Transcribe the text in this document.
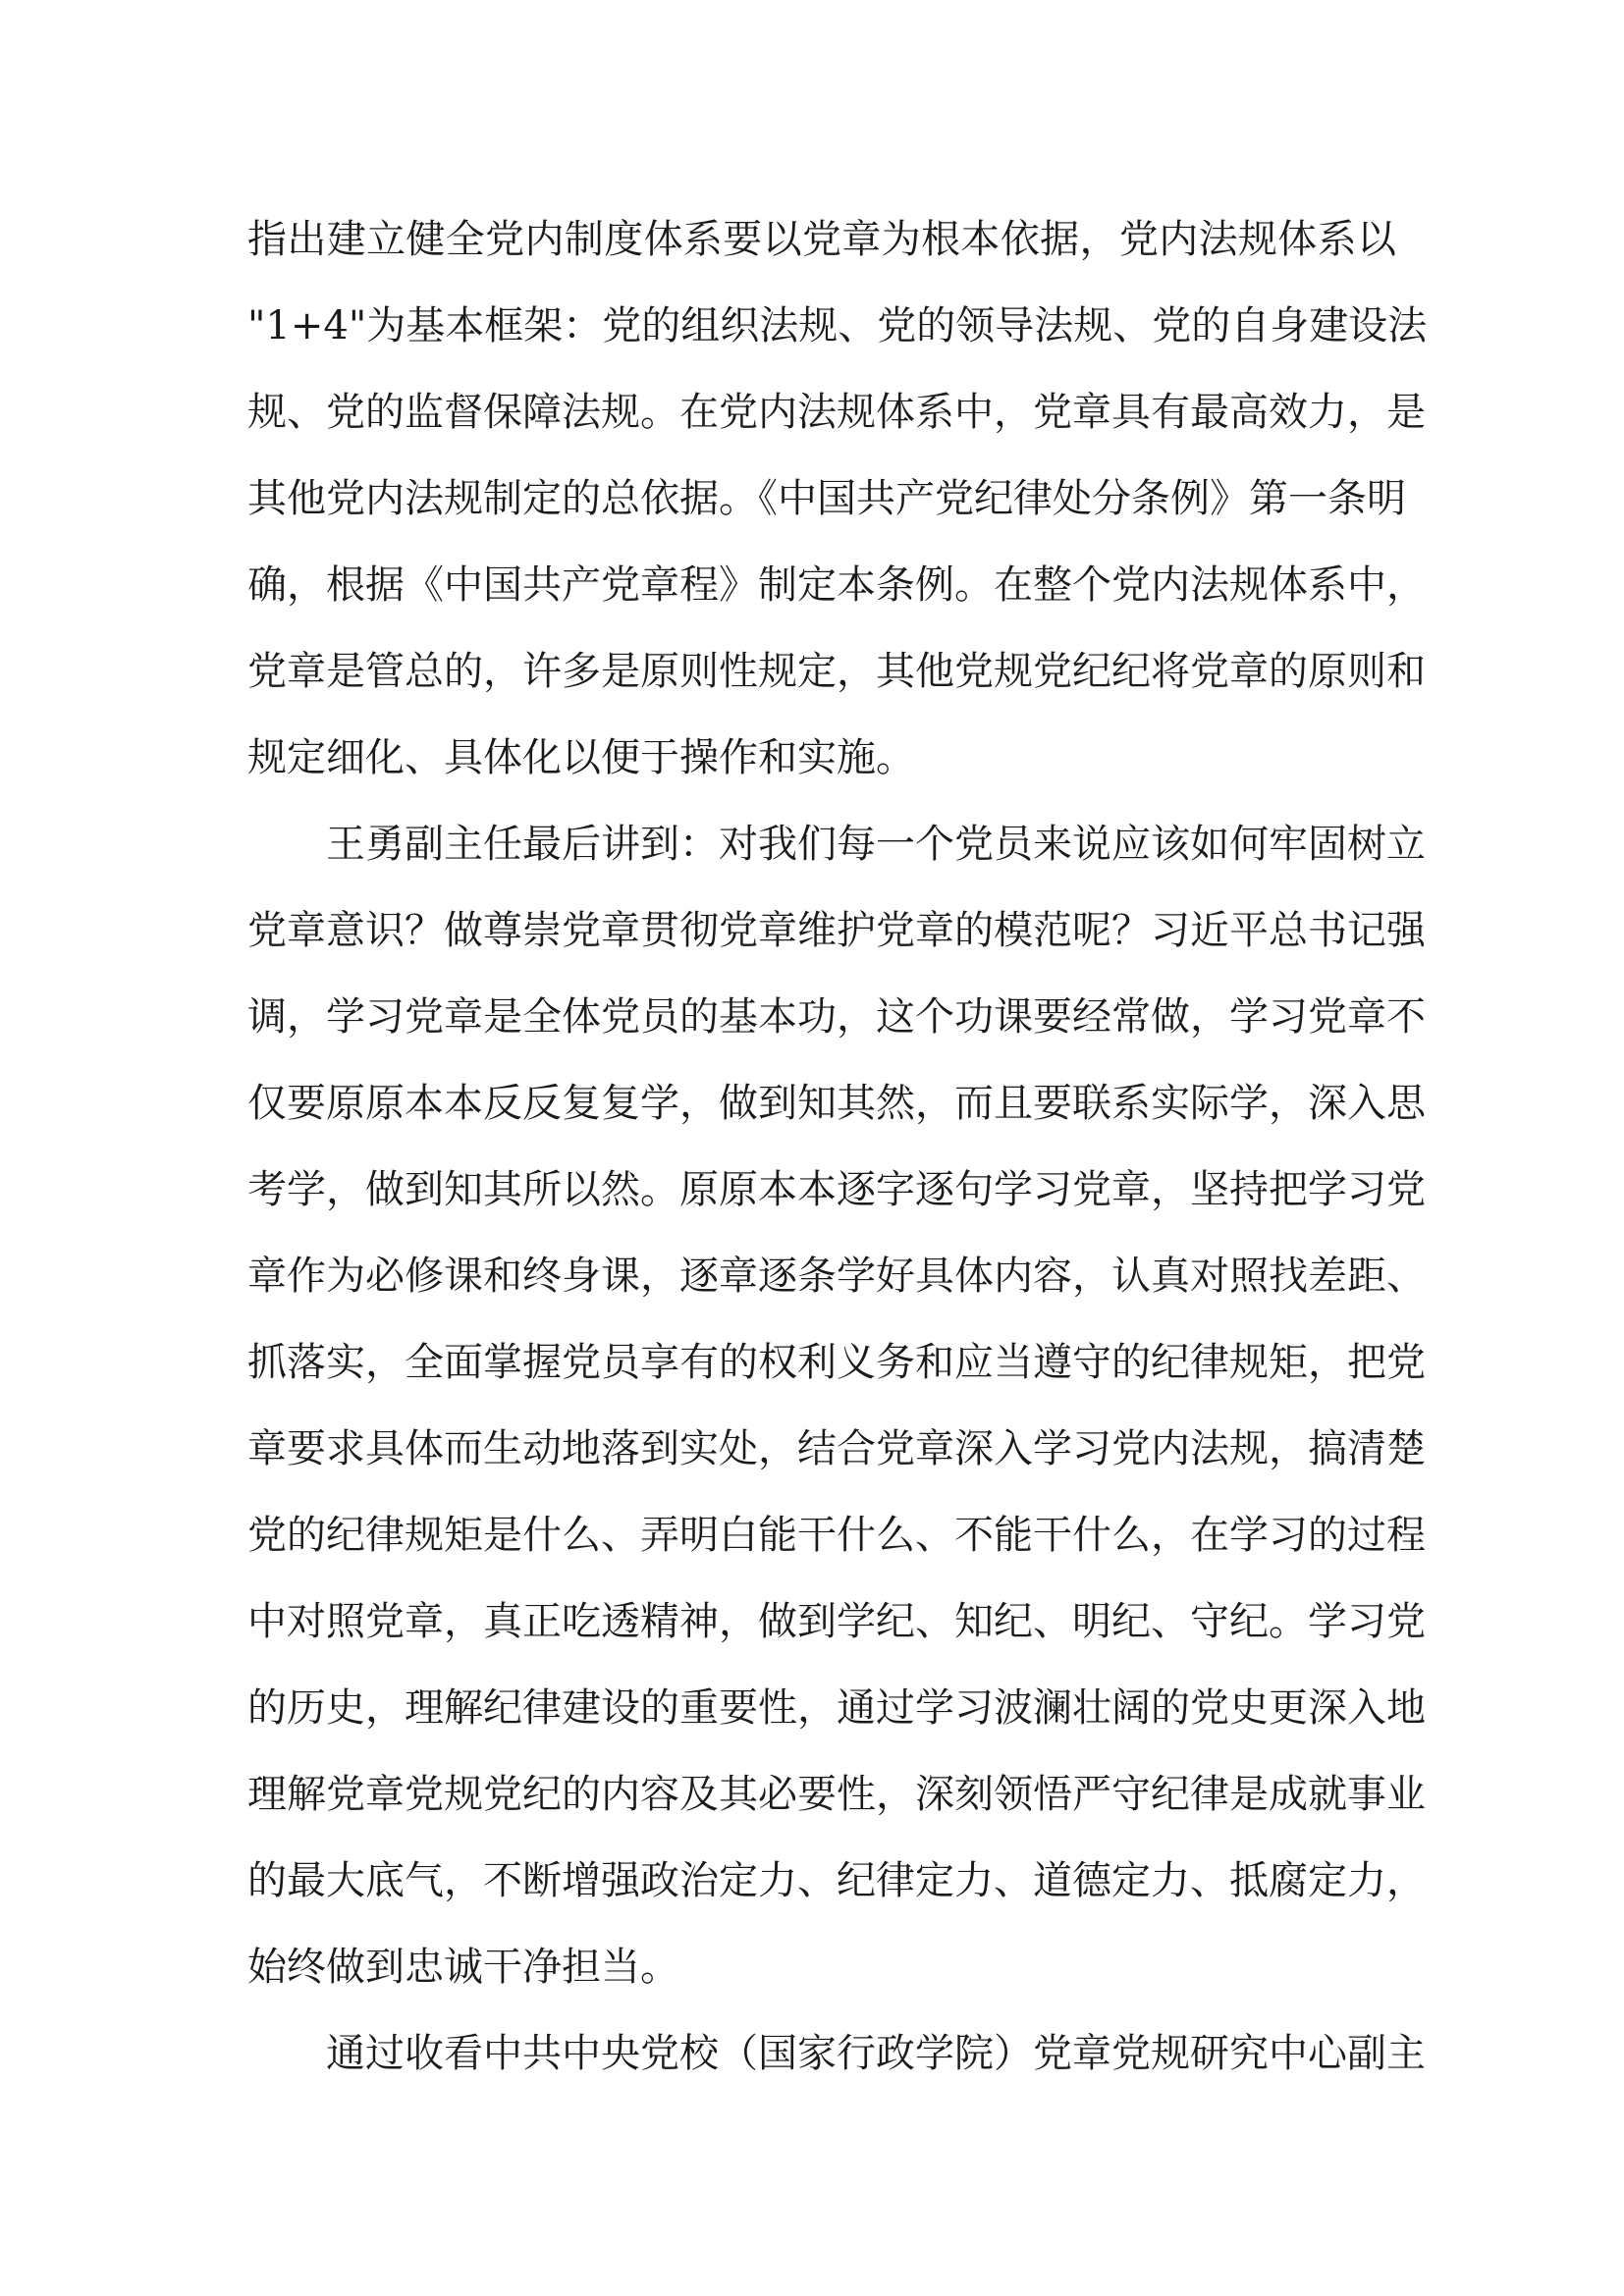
指出建立健全党内制度体系要以党章为根本依据，党内法规体系以
"1+4"为基本框架：党的组织法规、党的领导法规、党的自身建设法
规、党的监督保障法规。在党内法规体系中，党章具有最高效力，是
其他党内法规制定的总依据。《中国共产党纪律处分条例》第一条明
确，根据《中国共产党章程》制定本条例。在整个党内法规体系中，
党章是管总的，许多是原则性规定，其他党规党纪纪将党章的原则和
规定细化、具体化以便于操作和实施。
王勇副主任最后讲到：对我们每一个党员来说应该如何牢固树立
党章意识？做尊崇党章贯彻党章维护党章的模范呢？习近平总书记强
调，学习党章是全体党员的基本功，这个功课要经常做，学习党章不
仅要原原本本反反复复学，做到知其然，而且要联系实际学，深入思
考学，做到知其所以然。原原本本逐字逐句学习党章，坚持把学习党
章作为必修课和终身课，逐章逐条学好具体内容，认真对照找差距、
抓落实，全面掌握党员享有的权利义务和应当遵守的纪律规矩，把党
章要求具体而生动地落到实处，结合党章深入学习党内法规，搞清楚
党的纪律规矩是什么、弄明白能干什么、不能干什么，在学习的过程
中对照党章，真正吃透精神，做到学纪、知纪、明纪、守纪。学习党
的历史，理解纪律建设的重要性，通过学习波澜壮阔的党史更深入地
理解党章党规党纪的内容及其必要性，深刻领悟严守纪律是成就事业
的最大底气，不断增强政治定力、纪律定力、道德定力、抵腐定力，
始终做到忠诚干净担当。
通过收看中共中央党校（国家行政学院）党章党规研究中心副主
